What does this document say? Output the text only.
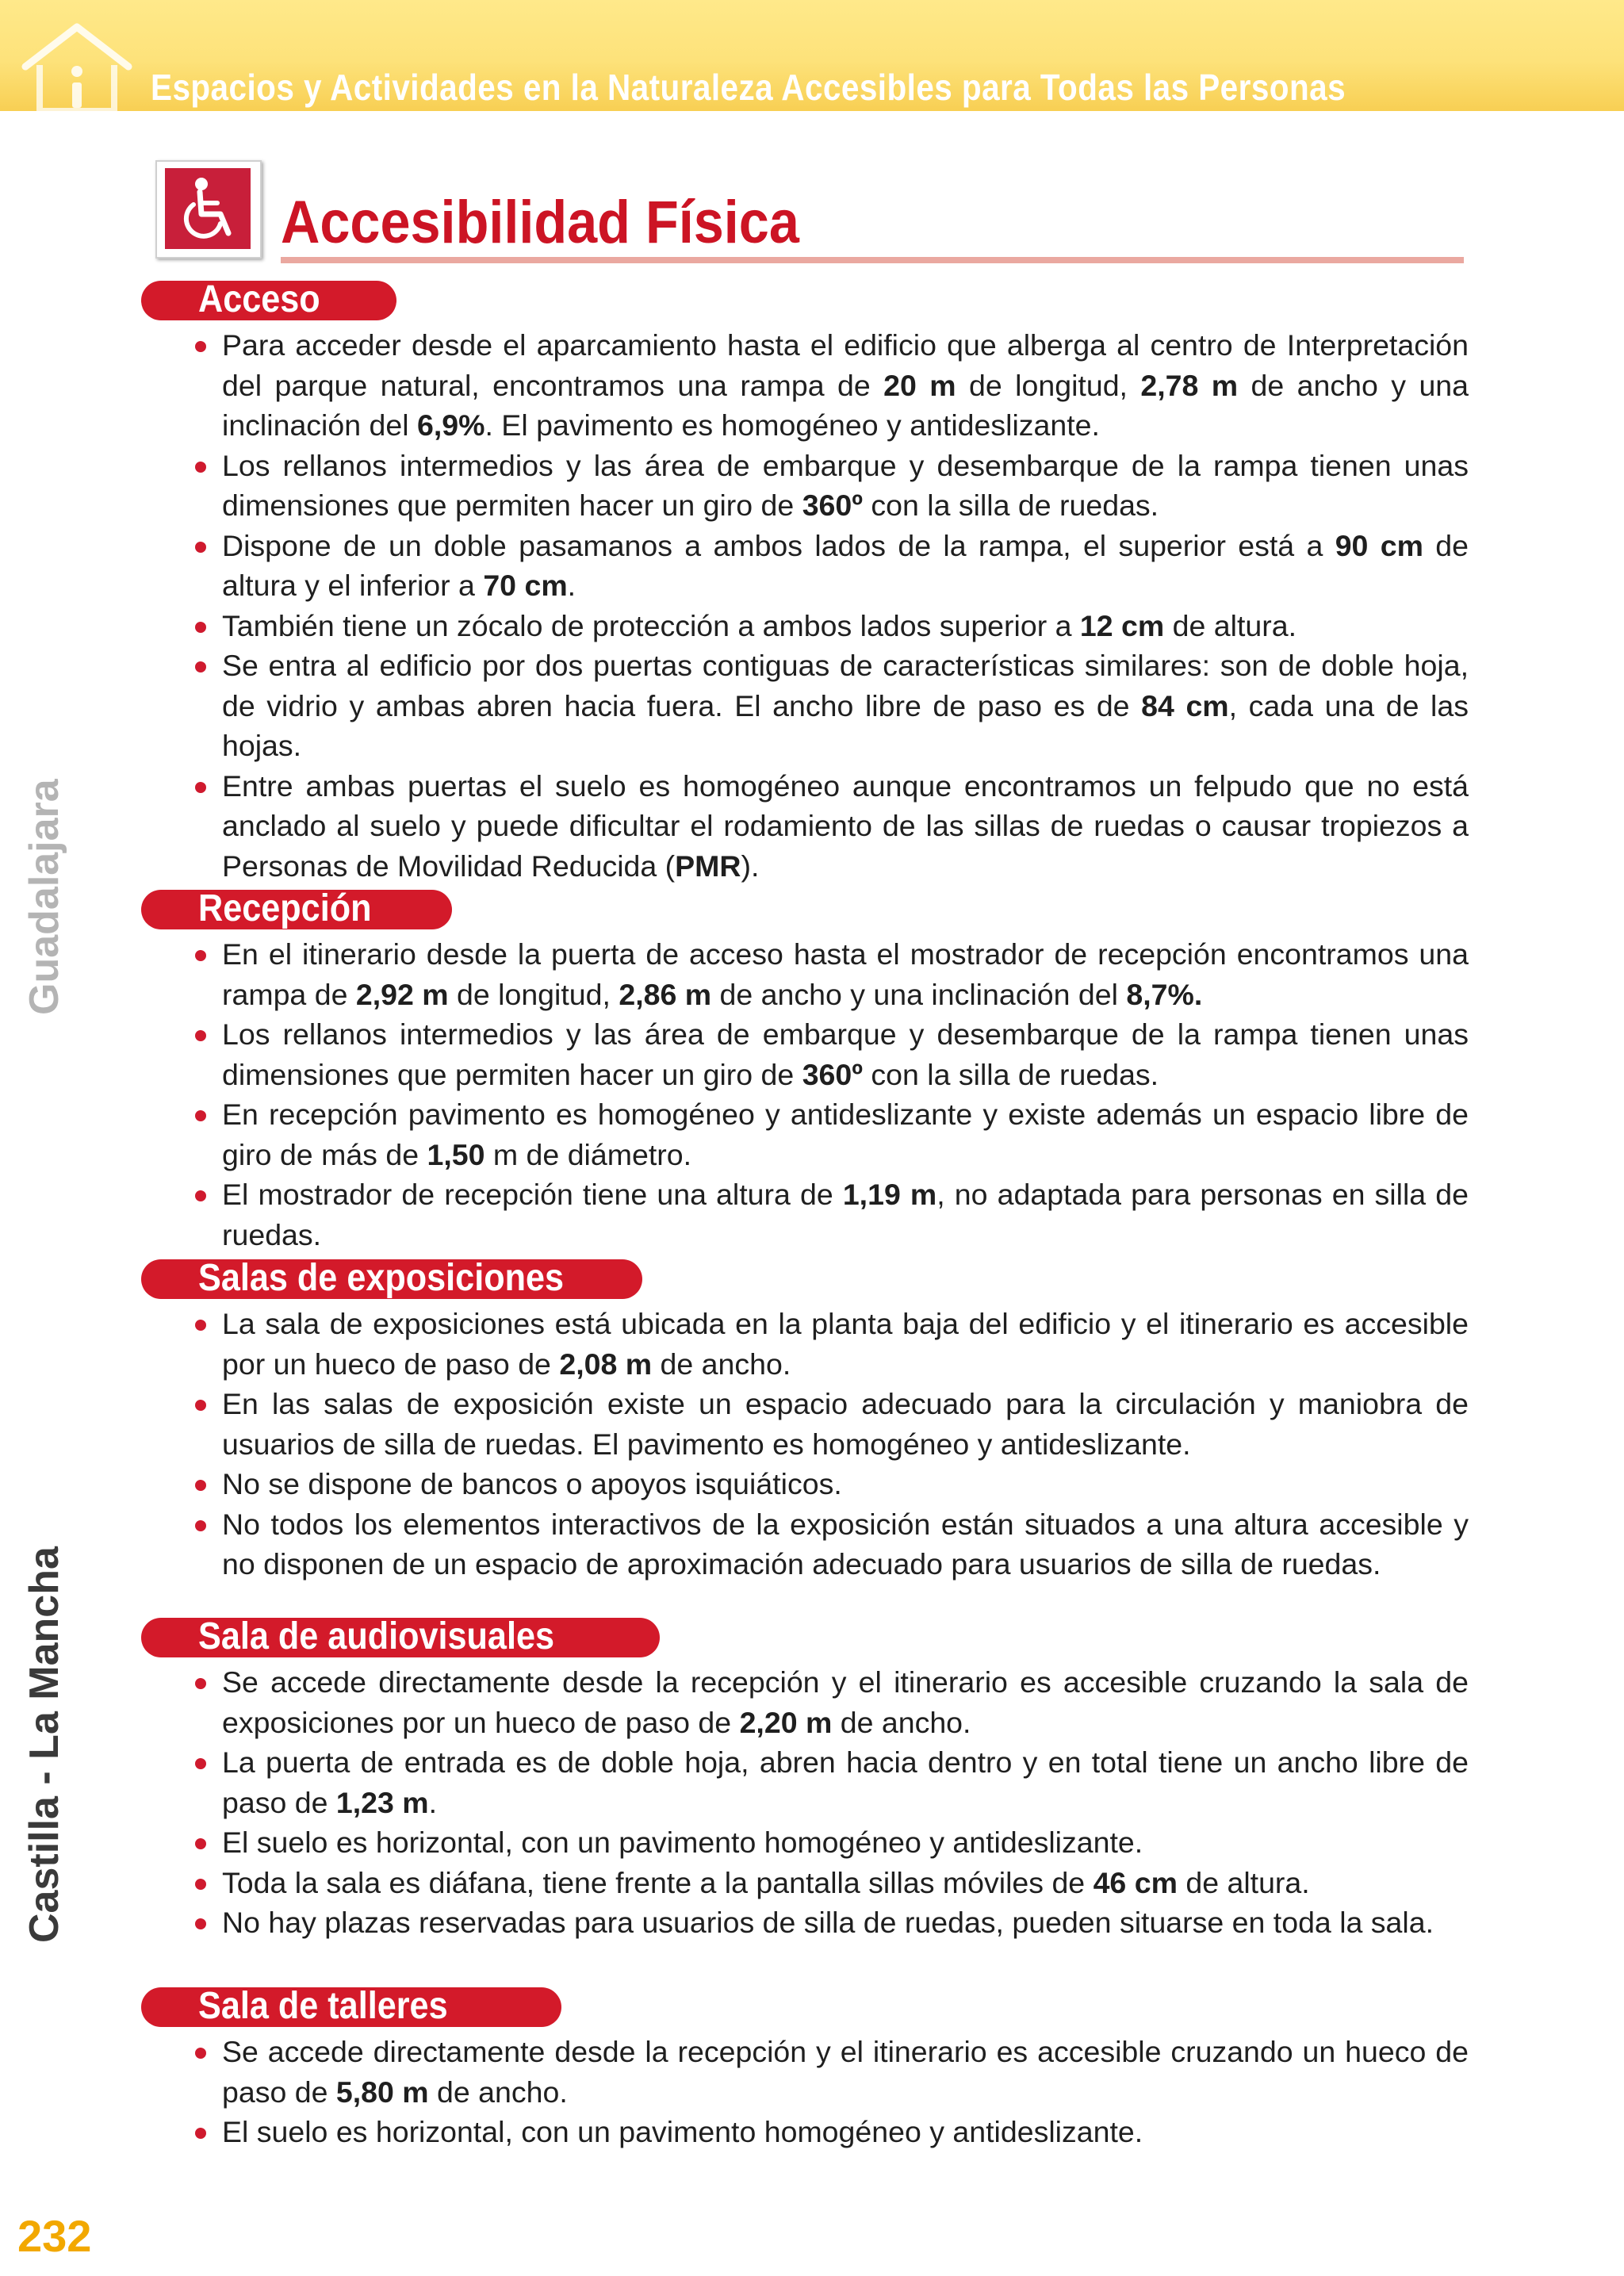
Espacios y Actividades en la Naturaleza Accesibles para Todas las Personas
Guadalajara
Castilla - La Mancha
232
Accesibilidad Física
Acceso

Para acceder desde el aparcamiento hasta el edificio que alberga al centro de Interpretación del parque natural, encontramos una rampa de 20 m de longitud, 2,78 m de ancho y una inclinación del 6,9%. El pavimento es homogéneo y antideslizante.

Los rellanos intermedios y las área de embarque y desembarque de la rampa tienen unas dimensiones que permiten hacer un giro de 360º con la silla de ruedas.

Dispone de un doble pasamanos a ambos lados de la rampa, el superior está a 90 cm de altura y el inferior a 70 cm.

También tiene un zócalo de protección a ambos lados superior a 12 cm de altura.

Se entra al edificio por dos puertas contiguas de características similares: son de doble hoja, de vidrio y ambas abren hacia fuera. El ancho libre de paso es de 84 cm, cada una de las hojas.

Entre ambas puertas el suelo es homogéneo aunque encontramos un felpudo que no está anclado al suelo y puede dificultar el rodamiento de las sillas de ruedas o causar tropiezos a Personas de Movilidad Reducida (PMR).

Recepción

En el itinerario desde la puerta de acceso hasta el mostrador de recepción encontramos una rampa de 2,92 m de longitud, 2,86 m de ancho y una inclinación del 8,7%.

Los rellanos intermedios y las área de embarque y desembarque de la rampa tienen unas dimensiones que permiten hacer un giro de 360º con la silla de ruedas.

En recepción pavimento es homogéneo y antideslizante y existe además un espacio libre de giro de más de 1,50 m de diámetro.

El mostrador de recepción tiene una altura de 1,19 m, no adaptada para personas en silla de ruedas.

Salas de exposiciones

La sala de exposiciones está ubicada en la planta baja del edificio y el itinerario es accesible por un hueco de paso de 2,08 m de ancho.

En las salas de exposición existe un espacio adecuado para la circulación y maniobra de usuarios de silla de ruedas. El pavimento es homogéneo y antideslizante.

No se dispone de bancos o apoyos isquiáticos.

No todos los elementos interactivos de la exposición están situados a una altura accesible y no disponen de un espacio de aproximación adecuado para usuarios de silla de ruedas.

Sala de audiovisuales

Se accede directamente desde la recepción y el itinerario es accesible cruzando la sala de exposiciones por un hueco de paso de 2,20 m de ancho.

La puerta de entrada es de doble hoja, abren hacia dentro y en total tiene un ancho libre de paso de 1,23 m.

El suelo es horizontal, con un pavimento homogéneo y antideslizante.

Toda la sala es diáfana, tiene frente a la pantalla sillas móviles de 46 cm de altura.

No hay plazas reservadas para usuarios de silla de ruedas, pueden situarse en toda la sala.

Sala de talleres

Se accede directamente desde la recepción y el itinerario es accesible cruzando un hueco de paso de 5,80 m de ancho.

El suelo es horizontal, con un pavimento homogéneo y antideslizante.
